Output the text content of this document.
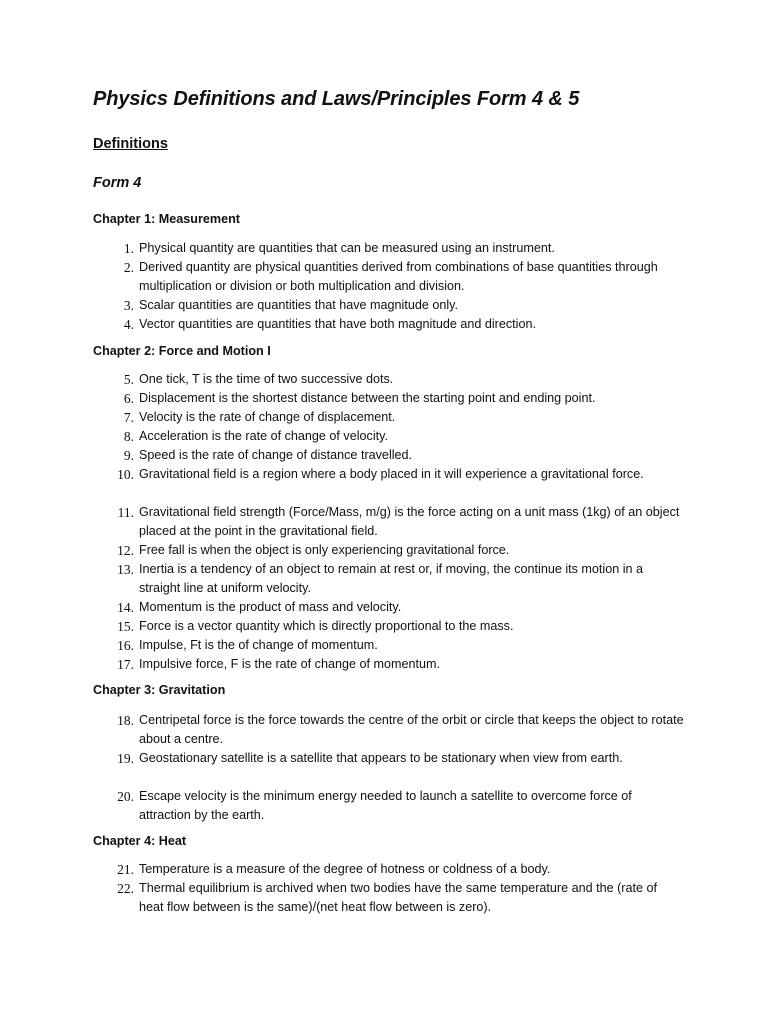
Physics Definitions and Laws/Principles Form 4 & 5
Definitions
Form 4
Chapter 1: Measurement
1. Physical quantity are quantities that can be measured using an instrument.
2. Derived quantity are physical quantities derived from combinations of base quantities through multiplication or division or both multiplication and division.
3. Scalar quantities are quantities that have magnitude only.
4. Vector quantities are quantities that have both magnitude and direction.
Chapter 2: Force and Motion I
5. One tick, T is the time of two successive dots.
6. Displacement is the shortest distance between the starting point and ending point.
7. Velocity is the rate of change of displacement.
8. Acceleration is the rate of change of velocity.
9. Speed is the rate of change of distance travelled.
10. Gravitational field is a region where a body placed in it will experience a gravitational force.
11. Gravitational field strength (Force/Mass, m/g) is the force acting on a unit mass (1kg) of an object placed at the point in the gravitational field.
12. Free fall is when the object is only experiencing gravitational force.
13. Inertia is a tendency of an object to remain at rest or, if moving, the continue its motion in a straight line at uniform velocity.
14. Momentum is the product of mass and velocity.
15. Force is a vector quantity which is directly proportional to the mass.
16. Impulse, Ft is the of change of momentum.
17. Impulsive force, F is the rate of change of momentum.
Chapter 3: Gravitation
18. Centripetal force is the force towards the centre of the orbit or circle that keeps the object to rotate about a centre.
19. Geostationary satellite is a satellite that appears to be stationary when view from earth.
20. Escape velocity is the minimum energy needed to launch a satellite to overcome force of attraction by the earth.
Chapter 4: Heat
21. Temperature is a measure of the degree of hotness or coldness of a body.
22. Thermal equilibrium is archived when two bodies have the same temperature and the (rate of heat flow between is the same)/(net heat flow between is zero).
